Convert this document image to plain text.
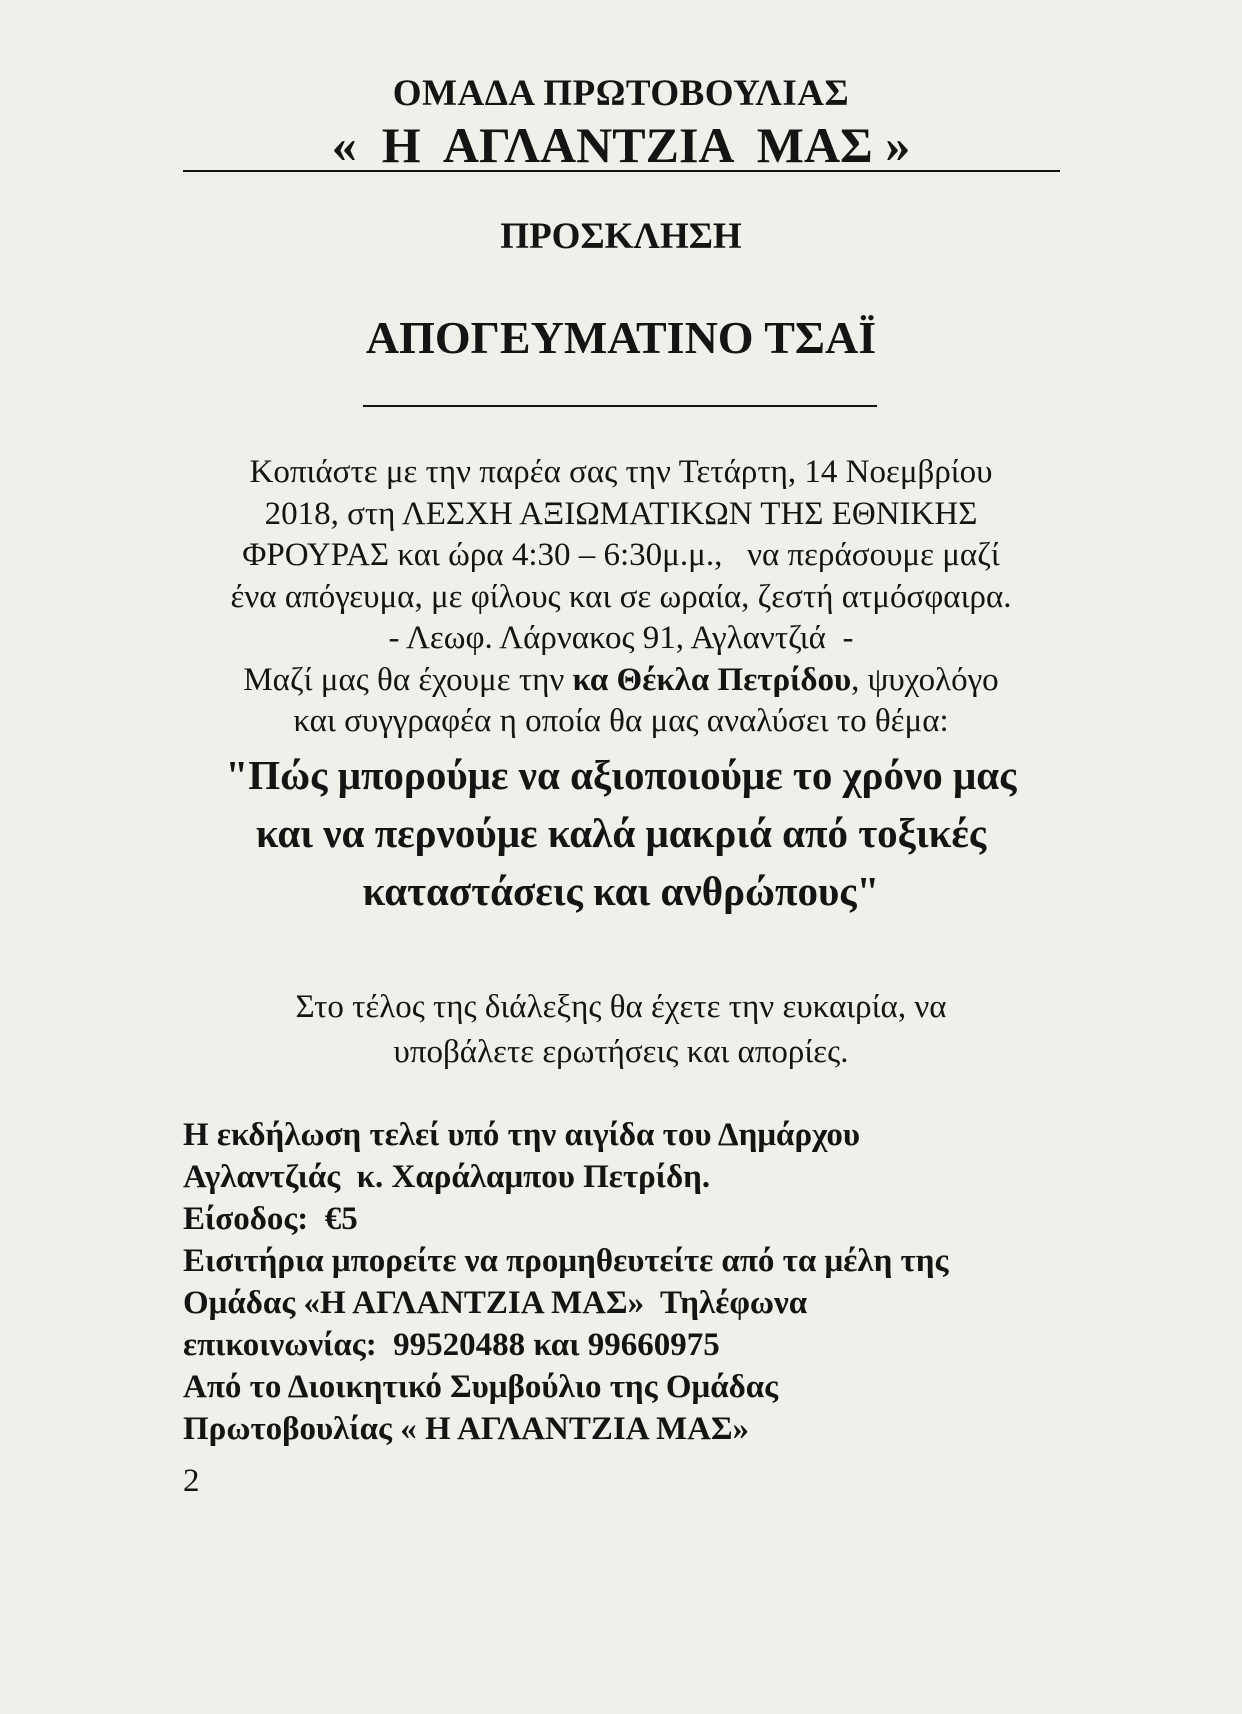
ΟΜΑΔΑ ΠΡΩΤΟΒΟΥΛΙΑΣ
«  Η  ΑΓΛΑΝΤΖΙΑ  ΜΑΣ »
ΠΡΟΣΚΛΗΣΗ
ΑΠΟΓΕΥΜΑΤΙΝΟ ΤΣΑΪ
Κοπιάστε με την παρέα σας την Τετάρτη, 14 Νοεμβρίου
2018, στη ΛΕΣΧΗ ΑΞΙΩΜΑΤΙΚΩΝ ΤΗΣ ΕΘΝΙΚΗΣ
ΦΡΟΥΡΑΣ και ώρα 4:30 – 6:30μ.μ.,   να περάσουμε μαζί
ένα απόγευμα, με φίλους και σε ωραία, ζεστή ατμόσφαιρα.
- Λεωφ. Λάρνακος 91, Αγλαντζιά  -
Μαζί μας θα έχουμε την κα Θέκλα Πετρίδου, ψυχολόγο
και συγγραφέα η οποία θα μας αναλύσει το θέμα:
"Πώς μπορούμε να αξιοποιούμε το χρόνο μας
και να περνούμε καλά μακριά από τοξικές
καταστάσεις και ανθρώπους"
Στο τέλος της διάλεξης θα έχετε την ευκαιρία, να
υποβάλετε ερωτήσεις και απορίες.
Η εκδήλωση τελεί υπό την αιγίδα του Δημάρχου
Αγλαντζιάς  κ. Χαράλαμπου Πετρίδη.
Είσοδος:  €5
Εισιτήρια μπορείτε να προμηθευτείτε από τα μέλη της
Ομάδας «Η ΑΓΛΑΝΤΖΙΑ ΜΑΣ»  Τηλέφωνα
επικοινωνίας:  99520488 και 99660975
Από το Διοικητικό Συμβούλιο της Ομάδας
Πρωτοβουλίας « Η ΑΓΛΑΝΤΖΙΑ ΜΑΣ»
2
